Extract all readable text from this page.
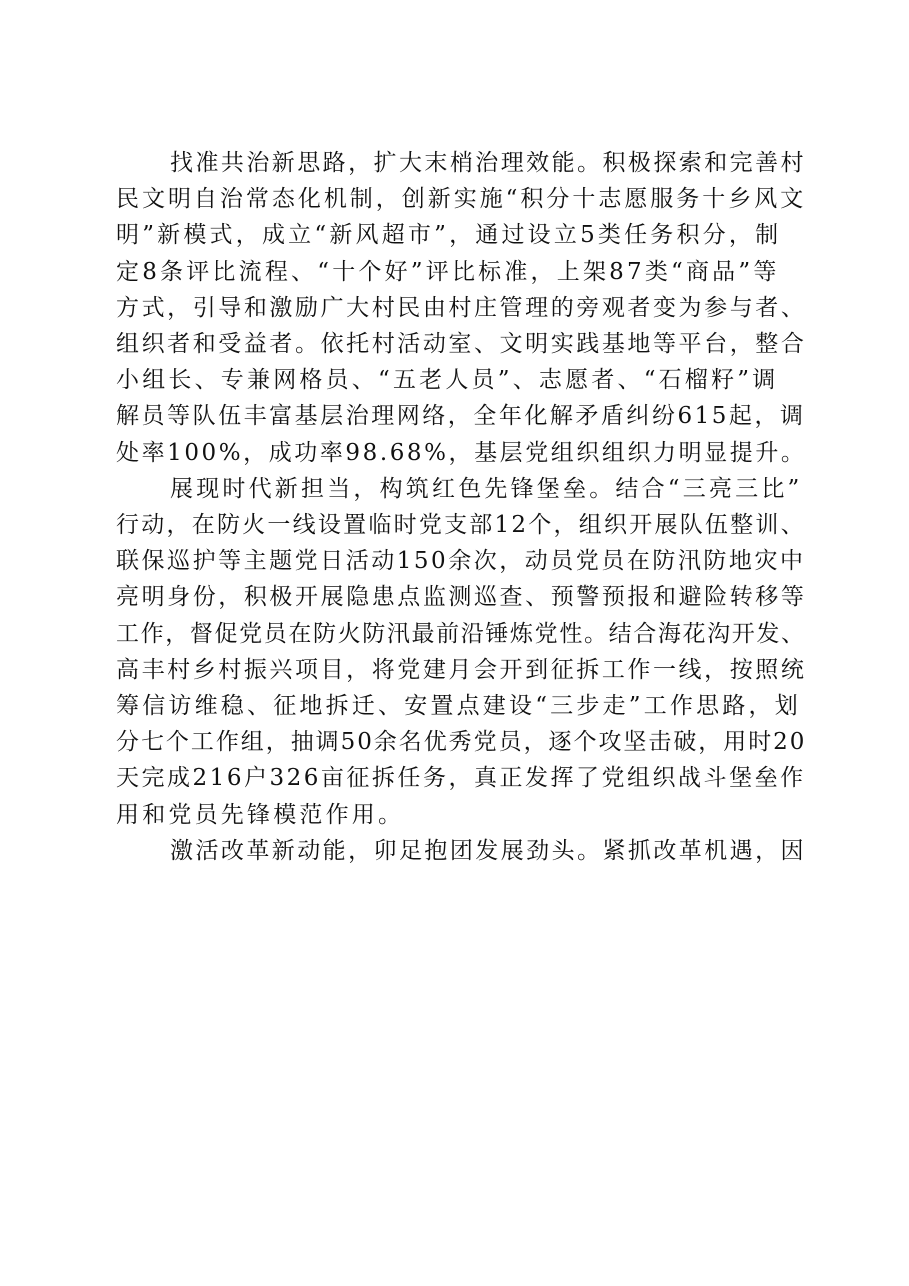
找准共治新思路，扩大末梢治理效能。积极探索和完善村
民文明自治常态化机制，创新实施“积分十志愿服务十乡风文
明”新模式，成立“新风超市”，通过设立5类任务积分，制
定8条评比流程、“十个好”评比标准，上架87类“商品”等
方式，引导和激励广大村民由村庄管理的旁观者变为参与者、
组织者和受益者。依托村活动室、文明实践基地等平台，整合
小组长、专兼网格员、“五老人员”、志愿者、“石榴籽”调
解员等队伍丰富基层治理网络，全年化解矛盾纠纷615起，调
处率100%，成功率98.68%，基层党组织组织力明显提升。
展现时代新担当，构筑红色先锋堡垒。结合“三亮三比”
行动，在防火一线设置临时党支部12个，组织开展队伍整训、
联保巡护等主题党日活动150余次，动员党员在防汛防地灾中
亮明身份，积极开展隐患点监测巡查、预警预报和避险转移等
工作，督促党员在防火防汛最前沿锤炼党性。结合海花沟开发、
高丰村乡村振兴项目，将党建月会开到征拆工作一线，按照统
筹信访维稳、征地拆迁、安置点建设“三步走”工作思路，划
分七个工作组，抽调50余名优秀党员，逐个攻坚击破，用时20
天完成216户326亩征拆任务，真正发挥了党组织战斗堡垒作
用和党员先锋模范作用。
激活改革新动能，卯足抱团发展劲头。紧抓改革机遇，因
